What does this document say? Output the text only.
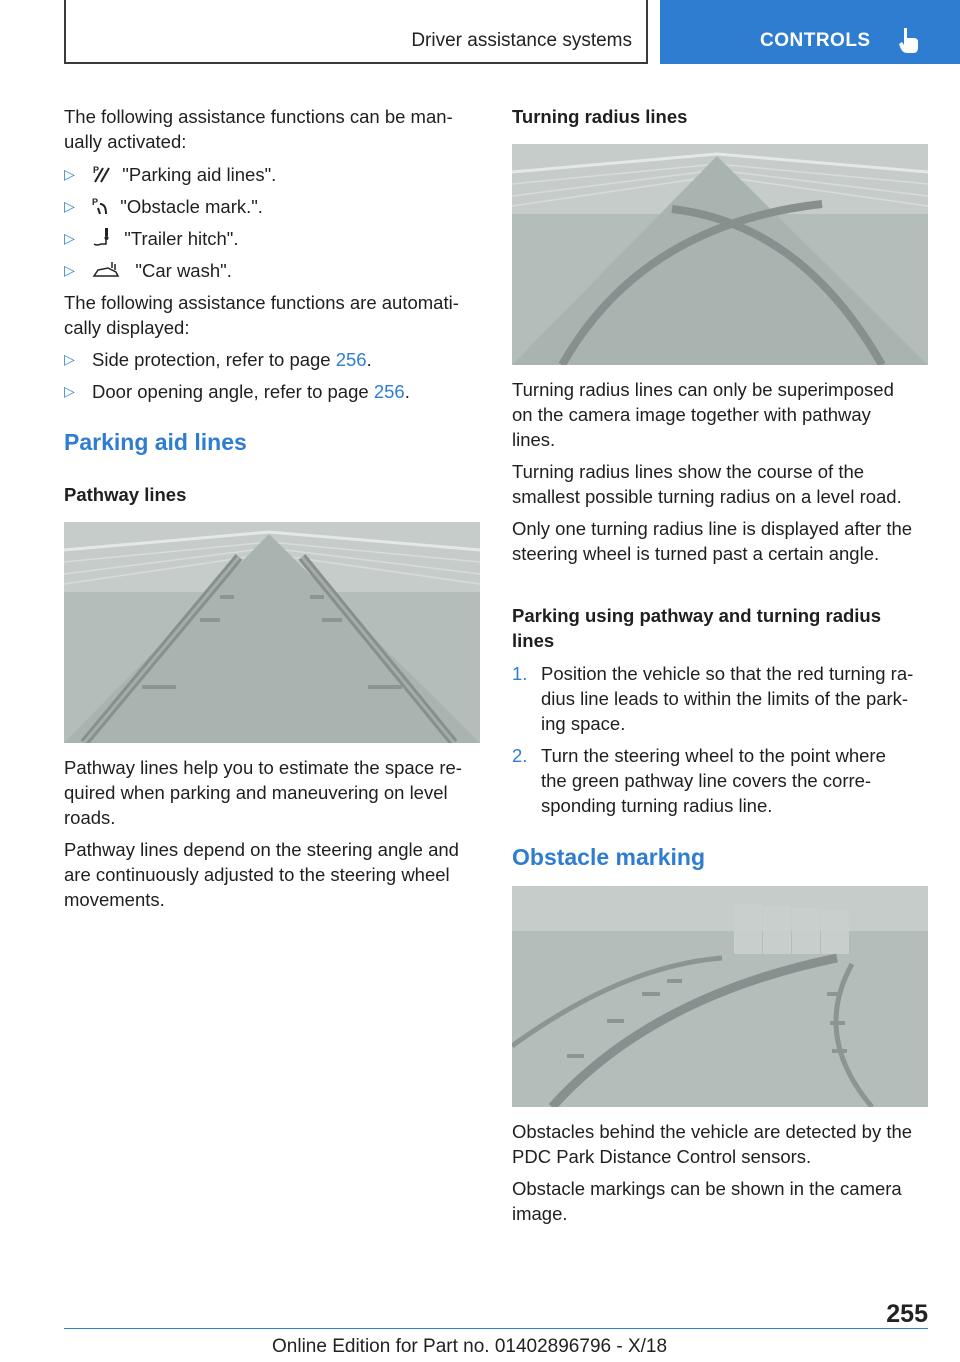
Driver assistance systems	CONTROLS

The following assistance functions can be man-

ually activated:

▷ P "Parking aid lines".
▷ P "Obstacle mark.".
▷	"Trailer hitch".
▷	"Car wash".

The following assistance functions are automati-

cally displayed:

▷ Side protection, refer to page 256.
▷ Door opening angle, refer to page 256.
Parking aid lines
Pathway lines

Pathway lines help you to estimate the space re-

quired when parking and maneuvering on level

roads.

Pathway lines depend on the steering angle and

are continuously adjusted to the steering wheel

movements.

Turning radius lines

Turning radius lines can only be superimposed

on the camera image together with pathway

lines.

Turning radius lines show the course of the

smallest possible turning radius on a level road.

Only one turning radius line is displayed after the

steering wheel is turned past a certain angle.

Parking using pathway and turning radius
lines
1. Position the vehicle so that the red turning ra-
dius line leads to within the limits of the park-
ing space.
2. Turn the steering wheel to the point where
the green pathway line covers the corre-
sponding turning radius line.
Obstacle marking

Obstacles behind the vehicle are detected by the

PDC Park Distance Control sensors.

Obstacle markings can be shown in the camera

image.

255
Online Edition for Part no. 01402896796 - X/18
